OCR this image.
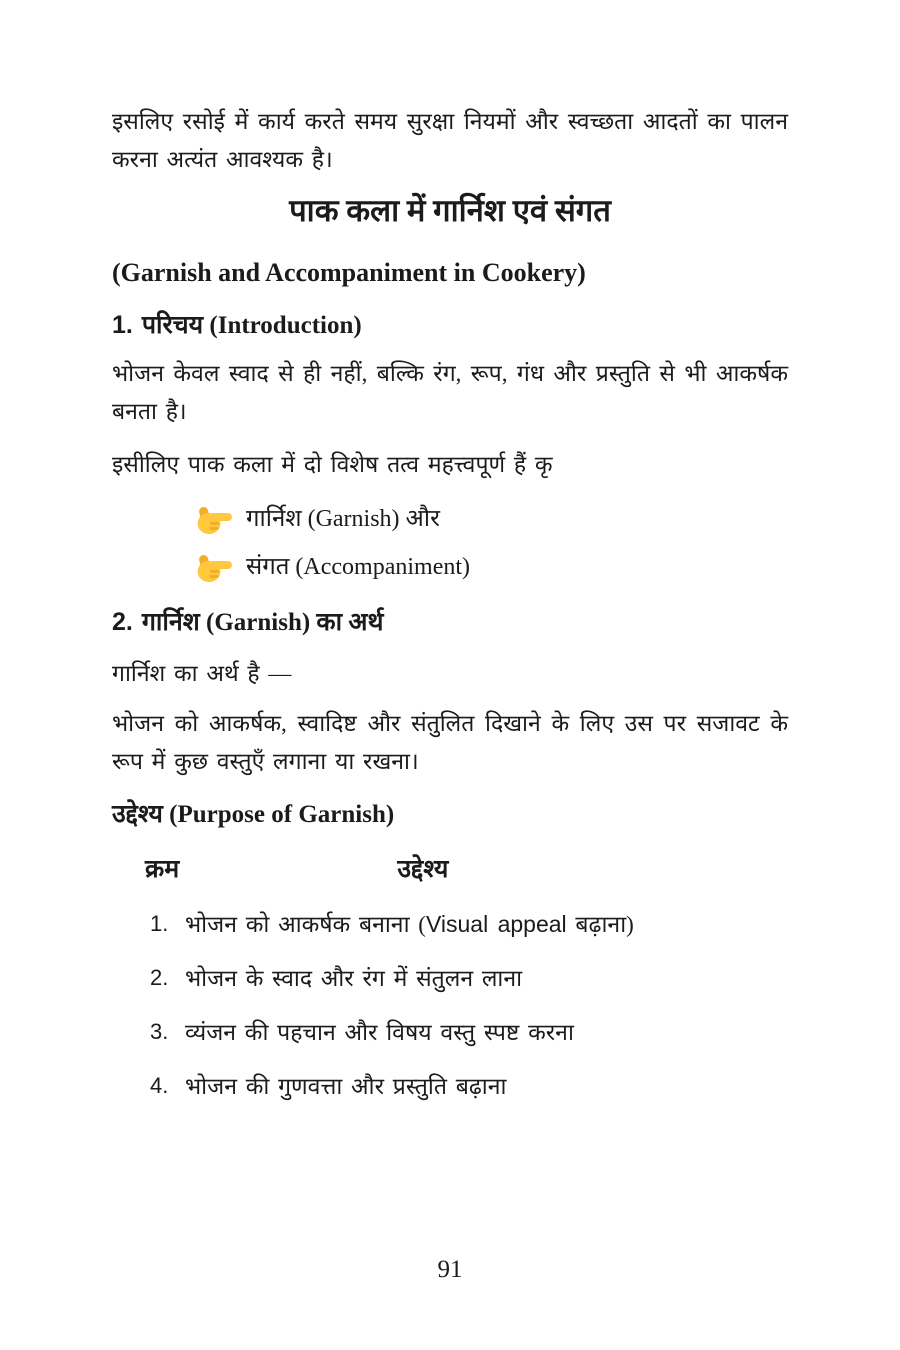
इसलिए रसोई में कार्य करते समय सुरक्षा नियमों और स्वच्छता आदतों का पालन करना अत्यंत आवश्यक है।

पाक कला में गार्निश एवं संगत
(Garnish and Accompaniment in Cookery)
1. परिचय (Introduction)

भोजन केवल स्वाद से ही नहीं, बल्कि रंग, रूप, गंध और प्रस्तुति से भी आकर्षक बनता है।

इसीलिए पाक कला में दो विशेष तत्व महत्त्वपूर्ण हैं कृ

गार्निश (Garnish) और
संगत (Accompaniment)
2. गार्निश (Garnish) का अर्थ

गार्निश का अर्थ है —

भोजन को आकर्षक, स्वादिष्ट और संतुलित दिखाने के लिए उस पर सजावट के रूप में कुछ वस्तुएँ लगाना या रखना।

उद्देश्य (Purpose of Garnish)
क्रम	उद्देश्य
1. भोजन को आकर्षक बनाना (Visual appeal बढ़ाना)
2. भोजन के स्वाद और रंग में संतुलन लाना
3. व्यंजन की पहचान और विषय वस्तु स्पष्ट करना
4. भोजन की गुणवत्ता और प्रस्तुति बढ़ाना
91
